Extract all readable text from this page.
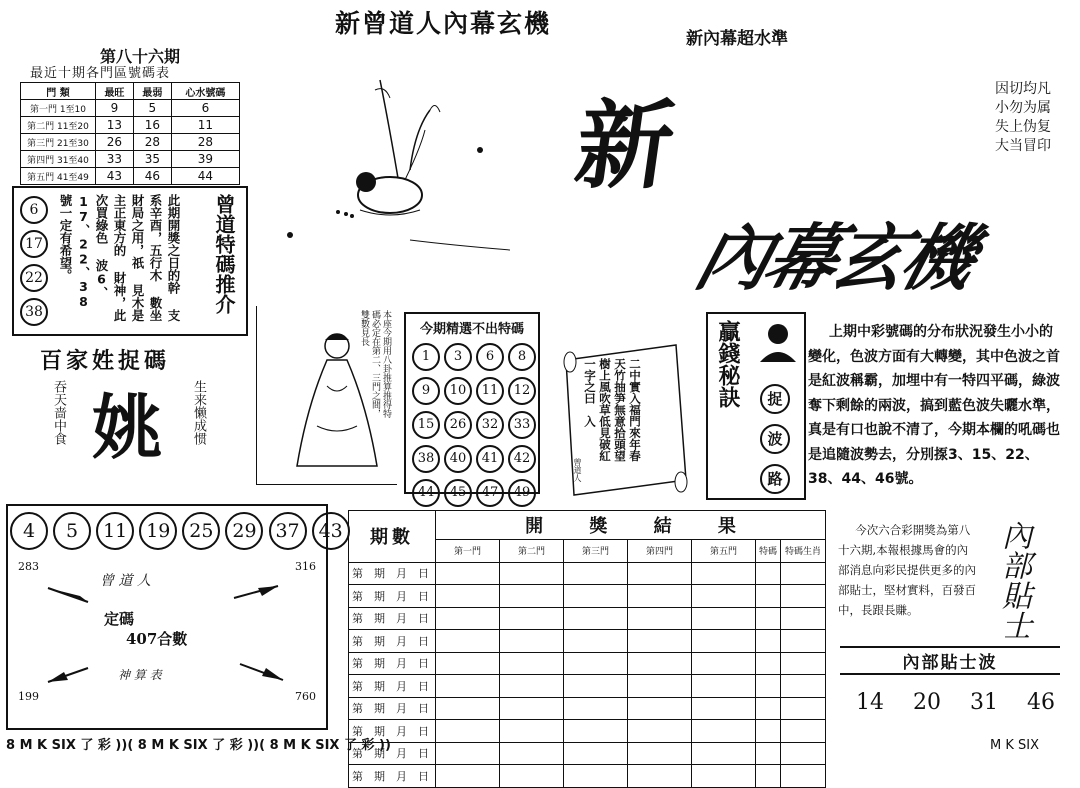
新曾道人內幕玄機
新內幕超水準
新
內幕玄機
因切均凡
小勿为属
失上伪复
大当冒印
第八十六期
最近十期各門區號碼表
門 類	最旺	最弱	心水號碼
第一門 1至10	9	5	6
第二門 11至20	13	16	11
第三門 21至30	26	28	28
第四門 31至40	33	35	39
第五門 41至49	43	46	44
6 17 22 38
此期開獎之日的幹 支系辛酉，五行木 數坐財局之用，祇 見木是主正東方的 財神，此次買綠色 波6、17、22、38 號一定有希望。	曾道特碼推介
百家姓捉碼
吞天啬中食 姚 生来懒成惯
本座今期用八卦推算推得特碼必定在第二、三門之間，雙數見長	今期精選不出特碼
1	3	6	8
9	10	11	12
15	26	32	33
38	40	41	42
44	45	47	49
二中實入福門來年春天竹抽笋無意拾頭望樹上風吹草低見破紅一字之曰　入
曾道人
贏錢秘訣	捉 波 路
上期中彩號碼的分布狀況發生小小的變化，色波方面有大轉變，其中色波之首是紅波稱霸，加埋中有一特四平碼，綠波奪下剩餘的兩波，搞到藍色波失曬水準，真是有口也說不清了，今期本欄的吼碼也是追隨波勢去，分別揼3、15、22、38、44、46號。
4 5 11 19 25 29 37 43
283	316
199	760
曾 道 人
定碼
407合數
神 算 表
期數	開 獎 結 果						
	第一門	第二門	第三門	第四門	第五門	特碼	特碼生肖
第　期　月　日							
第　期　月　日							
第　期　月　日							
第　期　月　日							
第　期　月　日							
第　期　月　日							
第　期　月　日							
第　期　月　日							
第　期　月　日							
第　期　月　日							
今次六合彩開獎為第八十六期,本報根據馬會的內部消息向彩民提供更多的內部貼士，堅材實料，百發百中，長跟長賺。	內部貼士
內部貼士波
14 20 31 46
8 M K SIX 了 彩 ))( 8 M K SIX 了 彩 ))( 8 M K SIX 了 彩 ))	M K SIX
